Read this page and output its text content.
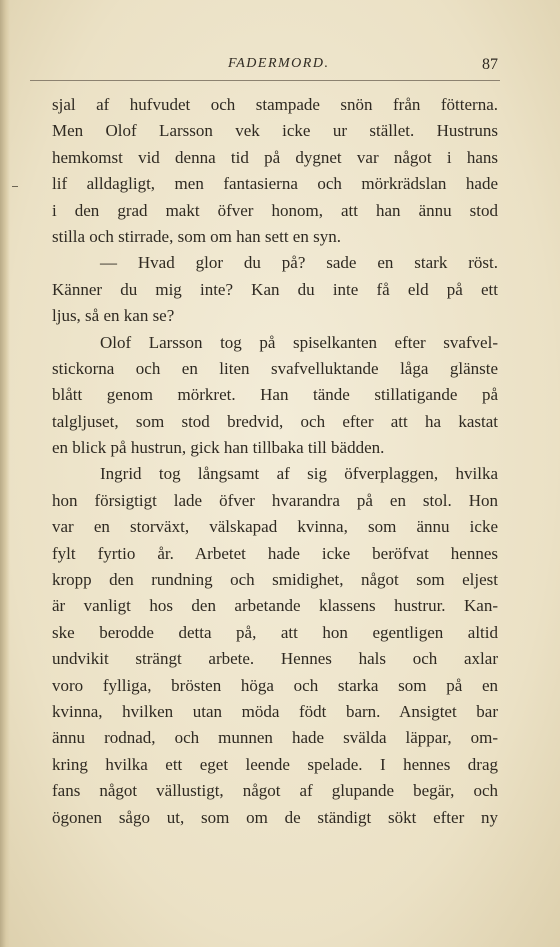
FADERMORD.	87
sjal af hufvudet och stampade snön från fötterna.
Men Olof Larsson vek icke ur stället. Hustruns
hemkomst vid denna tid på dygnet var något i hans
lif alldagligt, men fantasierna och mörkrädslan hade
i den grad makt öfver honom, att han ännu stod
stilla och stirrade, som om han sett en syn.
— Hvad glor du på? sade en stark röst.
Känner du mig inte? Kan du inte få eld på ett
ljus, så en kan se?
Olof Larsson tog på spiselkanten efter svafvel-
stickorna och en liten svafvelluktande låga glänste
blått genom mörkret. Han tände stillatigande på
talgljuset, som stod bredvid, och efter att ha kastat
en blick på hustrun, gick han tillbaka till bädden.
Ingrid tog långsamt af sig öfverplaggen, hvilka
hon försigtigt lade öfver hvarandra på en stol. Hon
var en storväxt, välskapad kvinna, som ännu icke
fylt fyrtio år. Arbetet hade icke beröfvat hennes
kropp den rundning och smidighet, något som eljest
är vanligt hos den arbetande klassens hustrur. Kan-
ske berodde detta på, att hon egentligen altid
undvikit strängt arbete. Hennes hals och axlar
voro fylliga, brösten höga och starka som på en
kvinna, hvilken utan möda födt barn. Ansigtet bar
ännu rodnad, och munnen hade svälda läppar, om-
kring hvilka ett eget leende spelade. I hennes drag
fans något vällustigt, något af glupande begär, och
ögonen sågo ut, som om de ständigt sökt efter ny
